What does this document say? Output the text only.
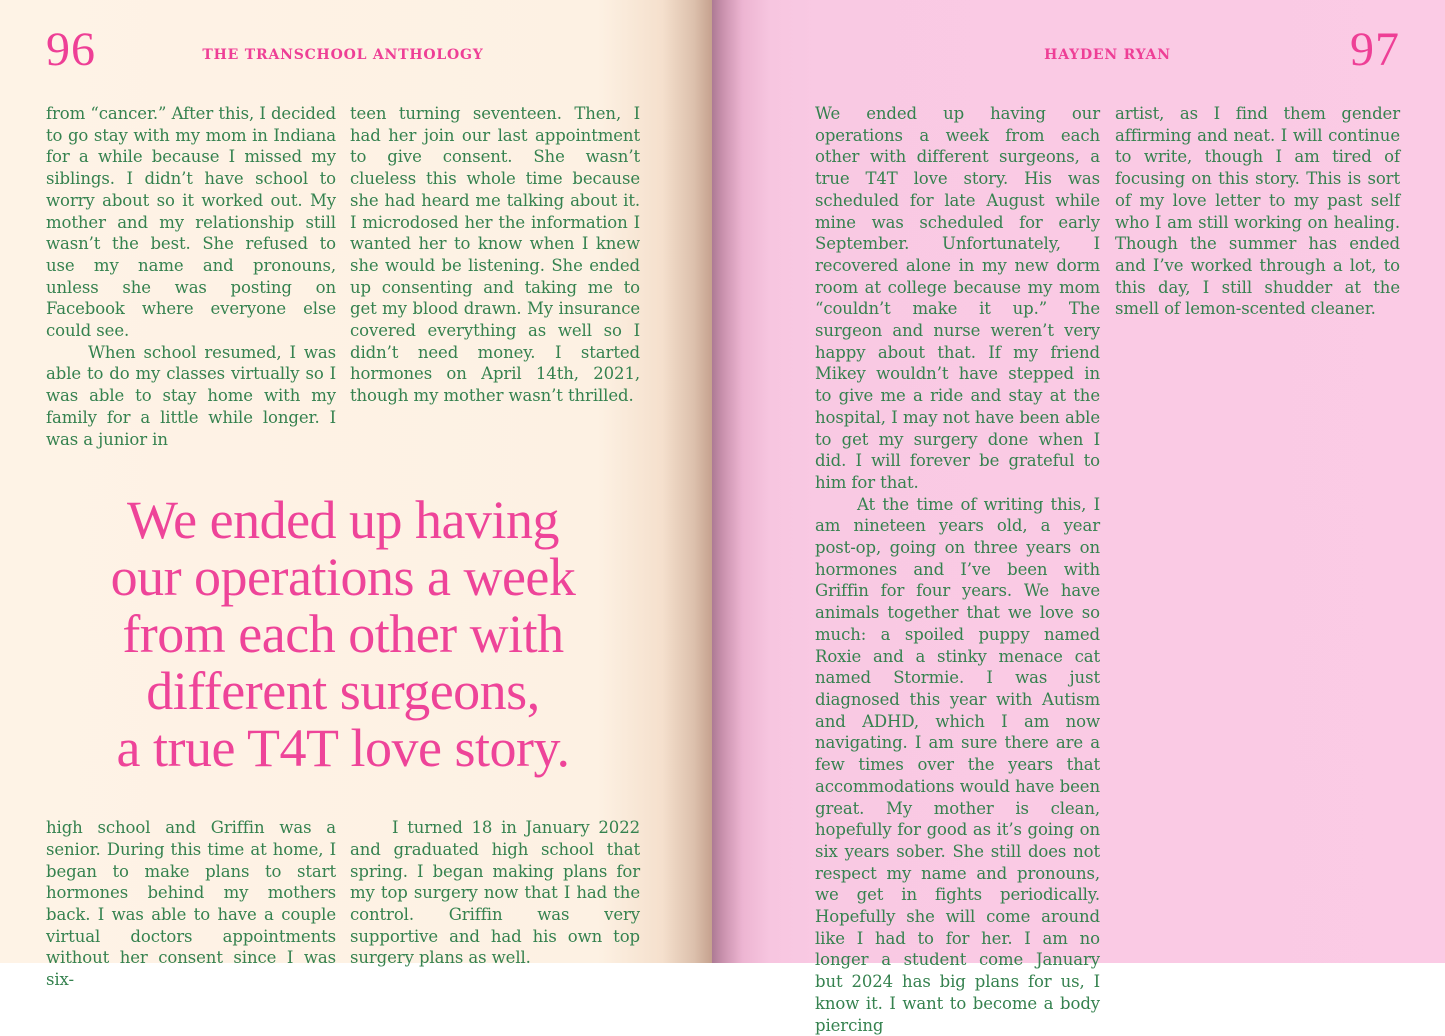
96	THE TRANSCHOOL ANTHOLOGY

from “cancer.” After this, I decided to go stay with my mom in Indiana for a while because I missed my siblings. I didn’t have school to worry about so it worked out. My mother and my relationship still wasn’t the best. She refused to use my name and pronouns, unless she was posting on Facebook where everyone else could see.

When school resumed, I was able to do my classes virtually so I was able to stay home with my family for a little while longer. I was a junior in

teen turning seventeen. Then, I had her join our last appointment to give consent. She wasn’t clueless this whole time because she had heard me talking about it. I microdosed her the information I wanted her to know when I knew she would be listening. She ended up consenting and taking me to get my blood drawn. My insurance covered everything as well so I didn’t need money. I started hormones on April 14th, 2021, though my mother wasn’t thrilled.

We ended up having
our operations a week
from each other with
different surgeons,
a true T4T love story.

high school and Griffin was a senior. During this time at home, I began to make plans to start hormones behind my mothers back. I was able to have a couple virtual doctors appointments without her consent since I was six-

I turned 18 in January 2022 and graduated high school that spring. I began making plans for my top surgery now that I had the control. Griffin was very supportive and had his own top surgery plans as well.

HAYDEN RYAN	97

We ended up having our operations a week from each other with different surgeons, a true T4T love story. His was scheduled for late August while mine was scheduled for early September. Unfortunately, I recovered alone in my new dorm room at college because my mom “couldn’t make it up.” The surgeon and nurse weren’t very happy about that. If my friend Mikey wouldn’t have stepped in to give me a ride and stay at the hospital, I may not have been able to get my surgery done when I did. I will forever be grateful to him for that.

At the time of writing this, I am nineteen years old, a year post-op, going on three years on hormones and I’ve been with Griffin for four years. We have animals together that we love so much: a spoiled puppy named Roxie and a stinky menace cat named Stormie. I was just diagnosed this year with Autism and ADHD, which I am now navigating. I am sure there are a few times over the years that accommodations would have been great. My mother is clean, hopefully for good as it’s going on six years sober. She still does not respect my name and pronouns, we get in fights periodically. Hopefully she will come around like I had to for her. I am no longer a student come January but 2024 has big plans for us, I know it. I want to become a body piercing

artist, as I find them gender affirming and neat. I will continue to write, though I am tired of focusing on this story. This is sort of my love letter to my past self who I am still working on healing. Though the summer has ended and I’ve worked through a lot, to this day, I still shudder at the smell of lemon-scented cleaner.
